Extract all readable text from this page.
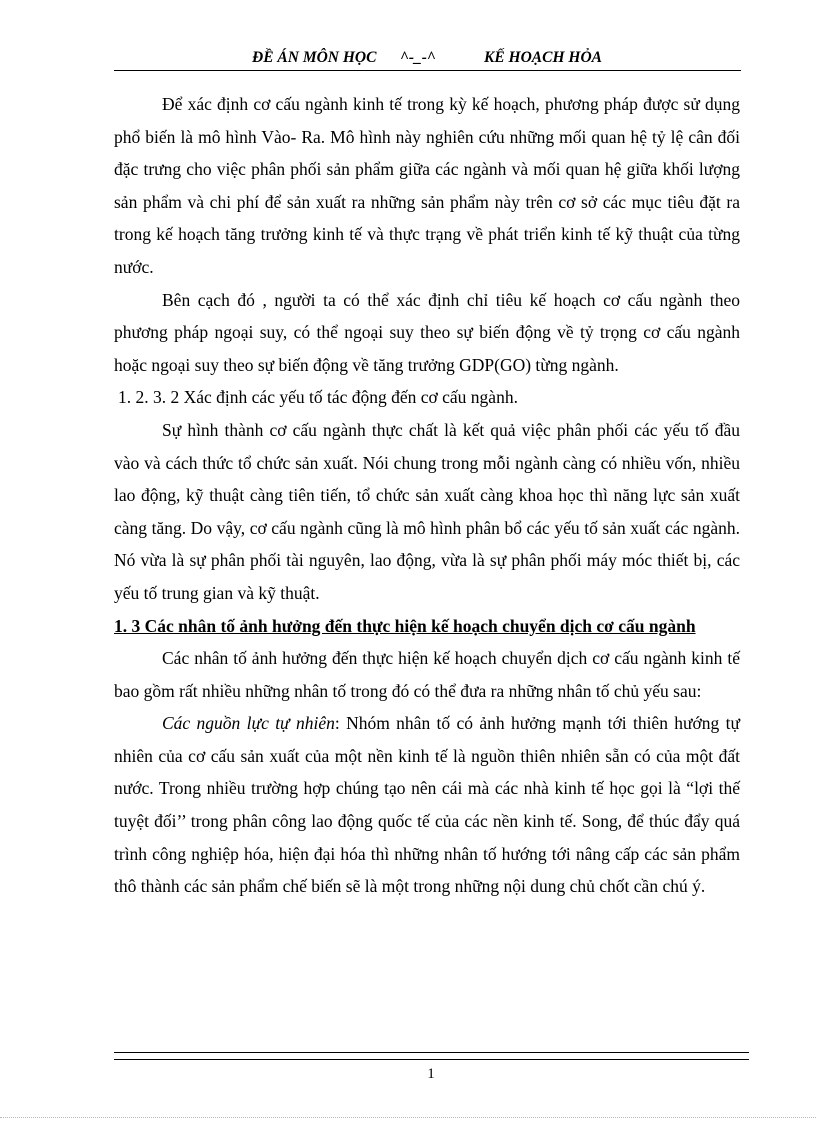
ĐỀ ÁN MÔN HỌC ^-_-^	KẾ HOẠCH HỎA

Để xác định cơ cấu ngành kinh tế trong kỳ kế hoạch, phương pháp được sử dụng phổ biến là mô hình Vào- Ra. Mô hình này nghiên cứu những mối quan hệ tỷ lệ cân đối đặc trưng cho việc phân phối sản phẩm giữa các ngành và mối quan hệ giữa khối lượng sản phẩm và chi phí để sản xuất ra những sản phẩm này trên cơ sở các mục tiêu đặt ra trong kế hoạch tăng trưởng kinh tế và thực trạng về phát triển kinh tế kỹ thuật của từng nước.

Bên cạch đó , người ta có thể xác định chỉ tiêu kế hoạch cơ cấu ngành theo phương pháp ngoại suy, có thể ngoại suy theo sự biến động về tỷ trọng cơ cấu ngành hoặc ngoại suy theo sự biến động về tăng trưởng GDP(GO) từng ngành.

1. 2. 3. 2 Xác định các yếu tố tác động đến cơ cấu ngành.

Sự hình thành cơ cấu ngành thực chất là kết quả việc phân phối các yếu tố đầu vào và cách thức tổ chức sản xuất. Nói chung trong mỗi ngành càng có nhiều vốn, nhiều lao động, kỹ thuật càng tiên tiến, tổ chức sản xuất càng khoa học thì năng lực sản xuất càng tăng. Do vậy, cơ cấu ngành cũng là mô hình phân bổ các yếu tố sản xuất các ngành. Nó vừa là sự phân phối tài nguyên, lao động, vừa là sự phân phối máy móc thiết bị, các yếu tố trung gian và kỹ thuật.

1. 3 Các nhân tố ảnh hưởng đến thực hiện kế hoạch chuyển dịch cơ cấu ngành

Các nhân tố ảnh hưởng đến thực hiện kế hoạch chuyển dịch cơ cấu ngành kinh tế bao gồm rất nhiều những nhân tố trong đó có thể đưa ra những nhân tố chủ yếu sau:

Các nguồn lực tự nhiên: Nhóm nhân tố có ảnh hưởng mạnh tới thiên hướng tự nhiên của cơ cấu sản xuất của một nền kinh tế là nguồn thiên nhiên sẵn có của một đất nước. Trong nhiều trường hợp chúng tạo nên cái mà các nhà kinh tế học gọi là “lợi thế tuyệt đối’’ trong phân công lao động quốc tế của các nền kinh tế. Song, để thúc đẩy quá trình công nghiệp hóa, hiện đại hóa thì những nhân tố hướng tới nâng cấp các sản phẩm thô thành các sản phẩm chế biến sẽ là một trong những nội dung chủ chốt cần chú ý.

1
